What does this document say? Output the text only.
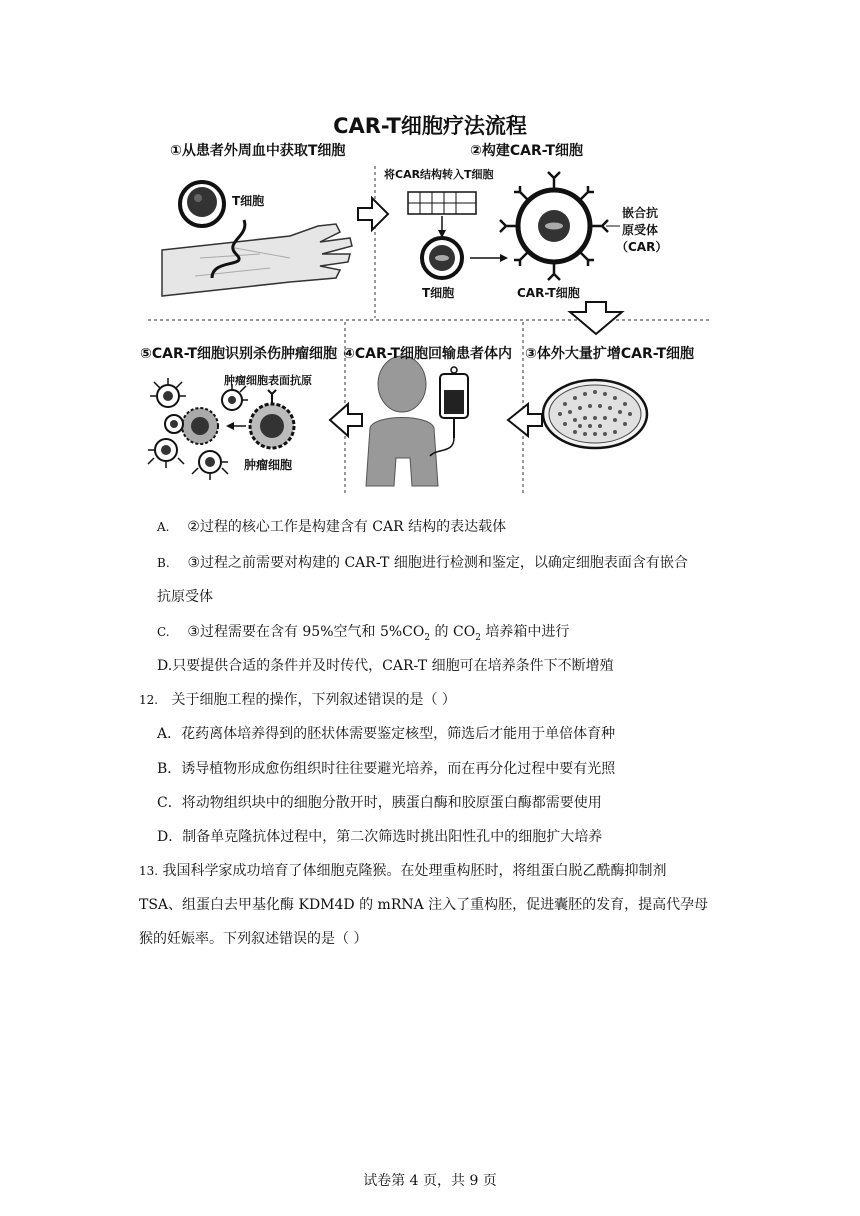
CAR-T细胞疗法流程
①从患者外周血中获取T细胞	②构建CAR-T细胞
⑤CAR-T细胞识别杀伤肿瘤细胞 ④CAR-T细胞回输患者体内 ③体外大量扩增CAR-T细胞
T细胞
将CAR结构转入T细胞
T细胞	CAR-T细胞
嵌合抗
原受体
（CAR）
肿瘤细胞表面抗原
肿瘤细胞
A. ②过程的核心工作是构建含有 CAR 结构的表达载体
B. ③过程之前需要对构建的 CAR-T 细胞进行检测和鉴定，以确定细胞表面含有嵌合
抗原受体
C. ③过程需要在含有 95%空气和 $5\%CO_2$ 的 $CO_2$ 培养箱中进行
D.只要提供合适的条件并及时传代，CAR-T 细胞可在培养条件下不断增殖
12. 关于细胞工程的操作，下列叙述错误的是（ ）
A．花药离体培养得到的胚状体需要鉴定核型，筛选后才能用于单倍体育种
B．诱导植物形成愈伤组织时往往要避光培养，而在再分化过程中要有光照
C．将动物组织块中的细胞分散开时，胰蛋白酶和胶原蛋白酶都需要使用
D．制备单克隆抗体过程中，第二次筛选时挑出阳性孔中的细胞扩大培养
13. 我国科学家成功培育了体细胞克隆猴。在处理重构胚时，将组蛋白脱乙酰酶抑制剂
TSA、组蛋白去甲基化酶 KDM4D 的 mRNA 注入了重构胚，促进囊胚的发育，提高代孕母
猴的妊娠率。下列叙述错误的是（ ）
试卷第 4 页，共 9 页
